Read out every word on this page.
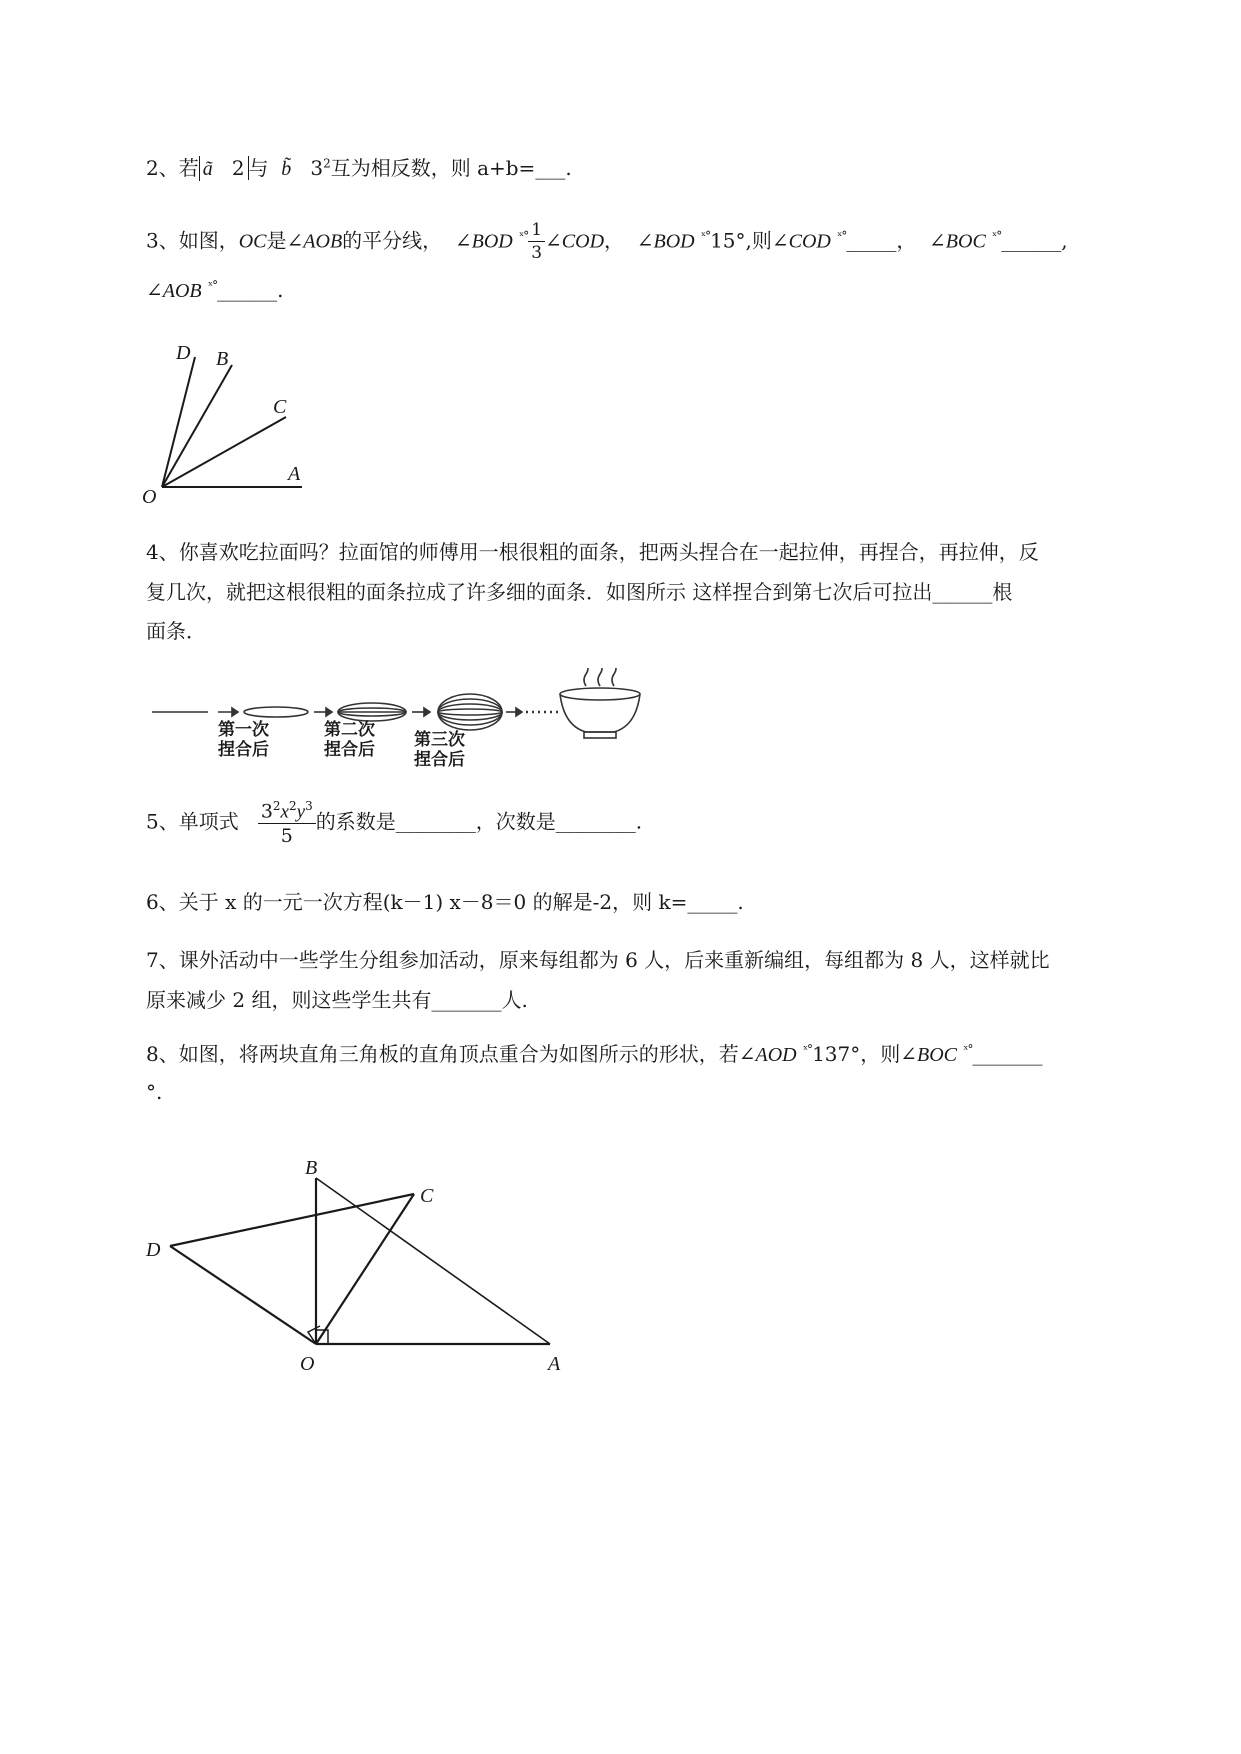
2、若 ã 2 与 b̃ $3^2$互为相反数，则 a+b=___.
3、如图，OC是∠AOB的平分线， ∠BOD $^{ˣ^\circ} \frac{1}{3}$ ∠COD， ∠BOD $^{ˣ^\circ}$15°,则∠COD $^{ˣ^\circ}$_____， ∠BOC $^{ˣ^\circ}$______,
∠AOB $^{ˣ^\circ}$______.
D B
C
A
O
4、你喜欢吃拉面吗？拉面馆的师傅用一根很粗的面条，把两头捏合在一起拉伸，再捏合，再拉伸，反
复几次，就把这根很粗的面条拉成了许多细的面条．如图所示 这样捏合到第七次后可拉出______根
面条．
第一次
捏合后
第二次
捏合后 第三次
捏合后
5、单项式 $\frac{3^2x^2y^3}{5}$ 的系数是________，次数是________.
6、关于 x 的一元一次方程(k－1) x－8＝0 的解是-2，则 k=_____.
7、课外活动中一些学生分组参加活动，原来每组都为 6 人，后来重新编组，每组都为 8 人，这样就比
原来减少 2 组，则这些学生共有_______人.
8、如图，将两块直角三角板的直角顶点重合为如图所示的形状，若∠AOD $^{ˣ^\circ}$137°，则∠BOC $^{ˣ^\circ}$_______
°.
B
C
D
O	A
